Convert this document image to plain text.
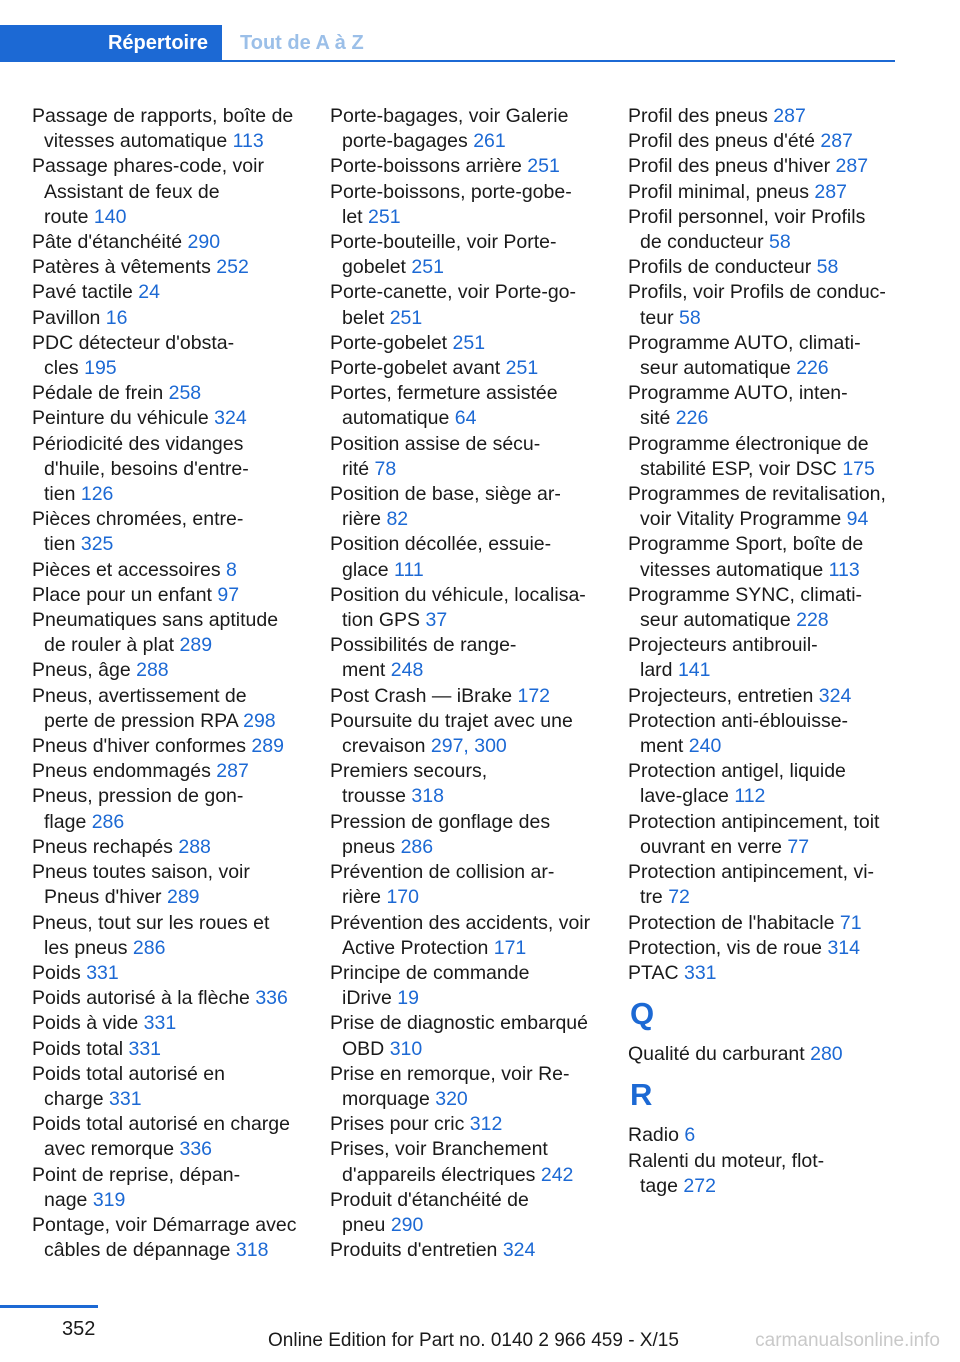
Répertoire	Tout de A à Z
Passage de rapports, boîte de
vitesses automatique 113
Passage phares-code, voir
Assistant de feux de
route 140
Pâte d'étanchéité 290
Patères à vêtements 252
Pavé tactile 24
Pavillon 16
PDC détecteur d'obsta-
cles 195
Pédale de frein 258
Peinture du véhicule 324
Périodicité des vidanges
d'huile, besoins d'entre-
tien 126
Pièces chromées, entre-
tien 325
Pièces et accessoires 8
Place pour un enfant 97
Pneumatiques sans aptitude
de rouler à plat 289
Pneus, âge 288
Pneus, avertissement de
perte de pression RPA 298
Pneus d'hiver conformes 289
Pneus endommagés 287
Pneus, pression de gon-
flage 286
Pneus rechapés 288
Pneus toutes saison, voir
Pneus d'hiver 289
Pneus, tout sur les roues et
les pneus 286
Poids 331
Poids autorisé à la flèche 336
Poids à vide 331
Poids total 331
Poids total autorisé en
charge 331
Poids total autorisé en charge
avec remorque 336
Point de reprise, dépan-
nage 319
Pontage, voir Démarrage avec
câbles de dépannage 318
Porte-bagages, voir Galerie
porte-bagages 261
Porte-boissons arrière 251
Porte-boissons, porte-gobe-
let 251
Porte-bouteille, voir Porte-
gobelet 251
Porte-canette, voir Porte-go-
belet 251
Porte-gobelet 251
Porte-gobelet avant 251
Portes, fermeture assistée
automatique 64
Position assise de sécu-
rité 78
Position de base, siège ar-
rière 82
Position décollée, essuie-
glace 111
Position du véhicule, localisa-
tion GPS 37
Possibilités de range-
ment 248
Post Crash — iBrake 172
Poursuite du trajet avec une
crevaison 297, 300
Premiers secours,
trousse 318
Pression de gonflage des
pneus 286
Prévention de collision ar-
rière 170
Prévention des accidents, voir
Active Protection 171
Principe de commande
iDrive 19
Prise de diagnostic embarqué
OBD 310
Prise en remorque, voir Re-
morquage 320
Prises pour cric 312
Prises, voir Branchement
d'appareils électriques 242
Produit d'étanchéité de
pneu 290
Produits d'entretien 324
Profil des pneus 287
Profil des pneus d'été 287
Profil des pneus d'hiver 287
Profil minimal, pneus 287
Profil personnel, voir Profils
de conducteur 58
Profils de conducteur 58
Profils, voir Profils de conduc-
teur 58
Programme AUTO, climati-
seur automatique 226
Programme AUTO, inten-
sité 226
Programme électronique de
stabilité ESP, voir DSC 175
Programmes de revitalisation,
voir Vitality Programme 94
Programme Sport, boîte de
vitesses automatique 113
Programme SYNC, climati-
seur automatique 228
Projecteurs antibrouil-
lard 141
Projecteurs, entretien 324
Protection anti-éblouisse-
ment 240
Protection antigel, liquide
lave-glace 112
Protection antipincement, toit
ouvrant en verre 77
Protection antipincement, vi-
tre 72
Protection de l'habitacle 71
Protection, vis de roue 314
PTAC 331
Q
Qualité du carburant 280
R
Radio 6
Ralenti du moteur, flot-
tage 272
352
Online Edition for Part no. 0140 2 966 459 - X/15	carmanualsonline.info
